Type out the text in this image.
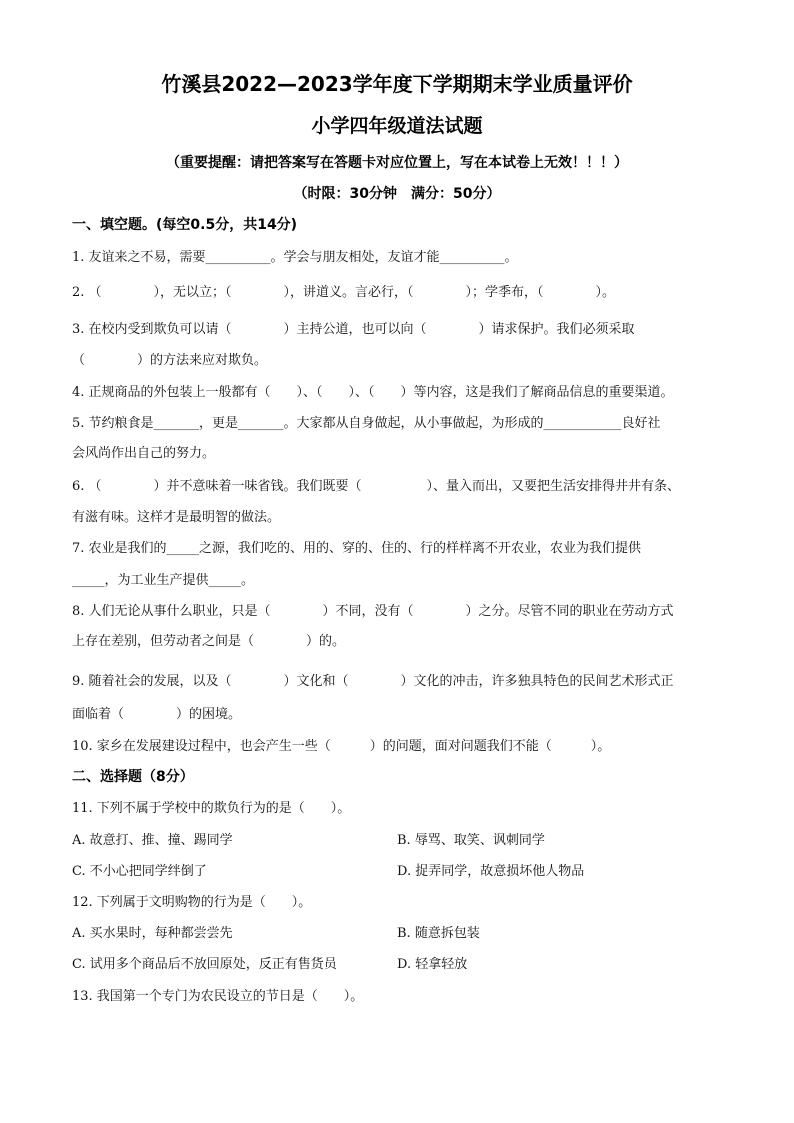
竹溪县2022—2023学年度下学期期末学业质量评价
小学四年级道法试题
（重要提醒：请把答案写在答题卡对应位置上，写在本试卷上无效！！！）
（时限：30分钟　满分：50分）
一、填空题。(每空0.5分，共14分)
1. 友谊来之不易，需要__________。学会与朋友相处，友谊才能__________。
2. （　　　　），无以立；（　　　　），讲道义。言必行，（　　　　）；学季布，（　　　　）。
3. 在校内受到欺负可以请（　　　　）主持公道，也可以向（　　　　）请求保护。我们必须采取
（　　　　）的方法来应对欺负。
4. 正规商品的外包装上一般都有（　　）、（　　）、（　　）等内容，这是我们了解商品信息的重要渠道。
5. 节约粮食是_______，更是_______。大家都从自身做起，从小事做起，为形成的____________良好社
会风尚作出自己的努力。
6. （　　　　）并不意味着一味省钱。我们既要（　　　　　）、量入而出，又要把生活安排得井井有条、
有滋有味。这样才是最明智的做法。
7. 农业是我们的_____之源，我们吃的、用的、穿的、住的、行的样样离不开农业，农业为我们提供
_____，为工业生产提供_____。
8. 人们无论从事什么职业，只是（　　　　）不同，没有（　　　　）之分。尽管不同的职业在劳动方式
上存在差别，但劳动者之间是（　　　　）的。
9. 随着社会的发展，以及（　　　　）文化和（　　　　）文化的冲击，许多独具特色的民间艺术形式正
面临着（　　　　）的困境。
10. 家乡在发展建设过程中，也会产生一些（　　　）的问题，面对问题我们不能（　　　）。
二、选择题（8分）
11. 下列不属于学校中的欺负行为的是（　　）。
A. 故意打、推、撞、踢同学	B. 辱骂、取笑、讽刺同学
C. 不小心把同学绊倒了	D. 捉弄同学，故意损坏他人物品
12. 下列属于文明购物的行为是（　　）。
A. 买水果时，每种都尝尝先	B. 随意拆包装
C. 试用多个商品后不放回原处，反正有售货员	D. 轻拿轻放
13. 我国第一个专门为农民设立的节日是（　　）。
